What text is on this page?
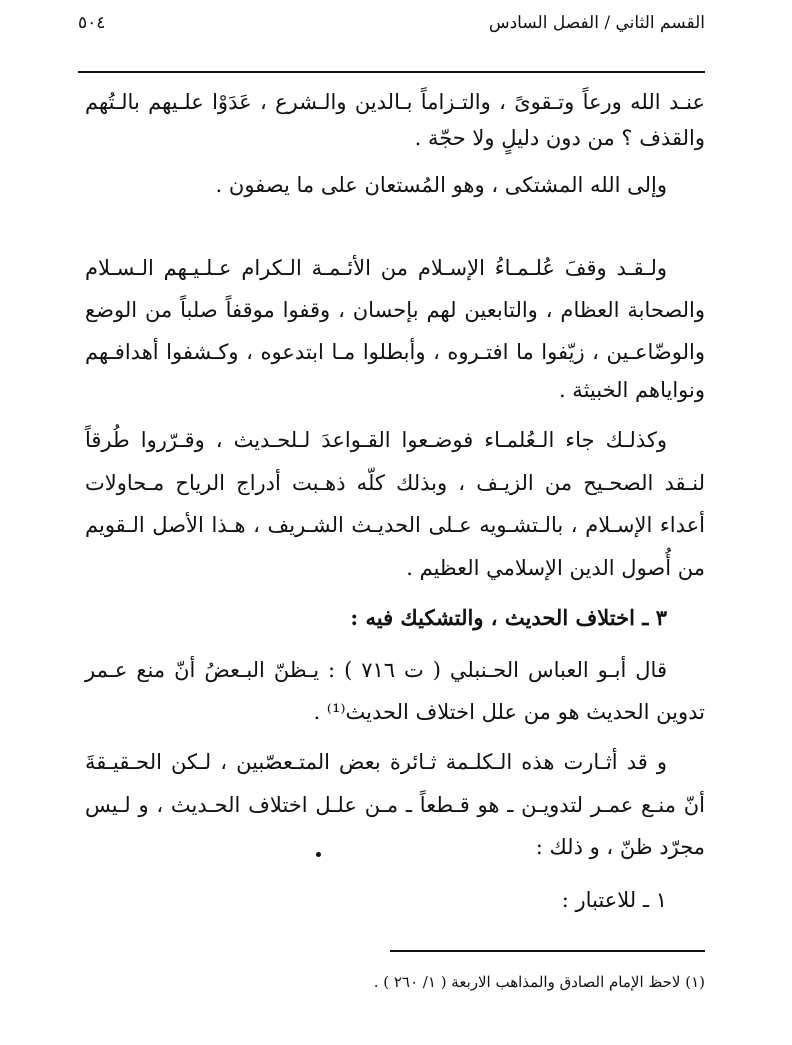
القسم الثاني / الفصل السادس
٥٠٤
عنـد الله ورعاً وتـقوىً ، والتـزاماً بـالدين والـشرع ، عَدَوْا علـيهم بالـتُهم
والقذف ؟ من دون دليلٍ ولا حجّة .
وإلى الله المشتكى ، وهو المُستعان على ما يصفون .
ولـقـد وقفَ عُلـمـاءُ الإسـلام من الأئـمـة الـكرام عـلـيـهم الـسـلام
والصحابة العظام ، والتابعين لهم بإحسان ، وقفوا موقفاً صلباً من الوضع
والوضّاعـين ، زيّفوا ما افتـروه ، وأبطلوا مـا ابتدعوه ، وكـشفوا أهدافـهم
ونواياهم الخبيثة .
وكذلـك جاء الـعُلمـاء فوضـعوا القـواعدَ لـلحـديث ، وقـرّروا طُرقاً
لنـقد الصحـيح من الزيـف ، وبذلك كلّه ذهـبت أدراج الرياح مـحاولات
أعداء الإسـلام ، بالـتشـويه عـلى الحديـث الشـريف ، هـذا الأصل الـقويم
من أُصول الدين الإسلامي العظيم .
٣ ـ اختلاف الحديث ، والتشكيك فيه :
قال أبـو العباس الحـنبلي ( ت ٧١٦ ) : يـظنّ البـعضُ أنّ منع عـمر
تدوين الحديث هو من علل اختلاف الحديث⁽¹⁾ .
و قد أثـارت هذه الـكلـمة ثـائرة بعض المتـعصّبين ، لـكن الحـقيـقةَ
أنّ منـع عمـر لتدويـن ـ هو قـطعاً ـ مـن علـل اختلاف الحـديث ، و لـيس
مجرّد ظنّ ، و ذلك :
١ ـ للاعتبار :
(١) لاحظ الإمام الصادق والمذاهب الاربعة ( ١/ ٢٦٠ ) .
